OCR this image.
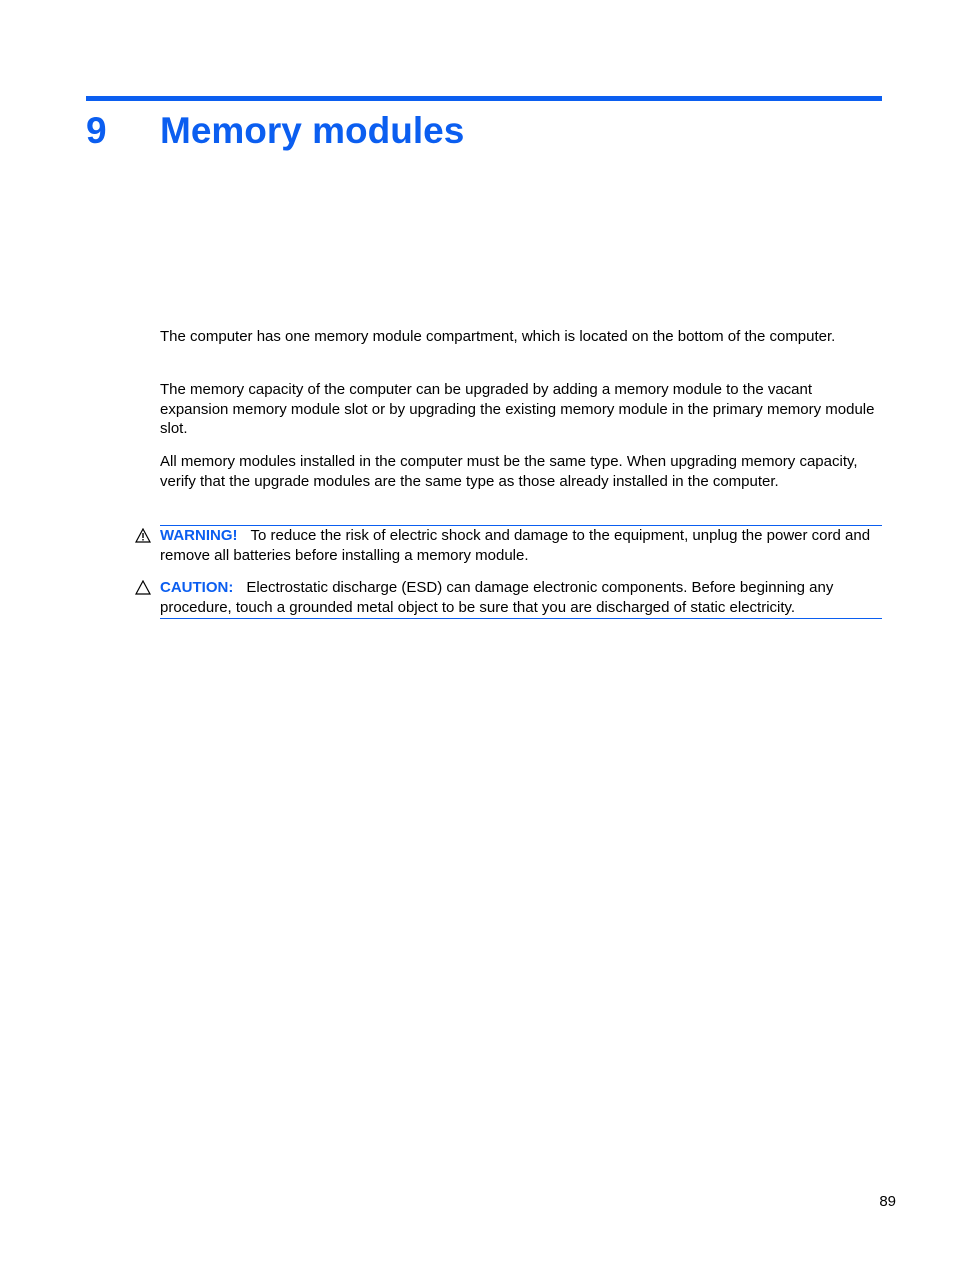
9 Memory modules

The computer has one memory module compartment, which is located on the bottom of the computer.

The memory capacity of the computer can be upgraded by adding a memory module to the vacant expansion memory module slot or by upgrading the existing memory module in the primary memory module slot.

All memory modules installed in the computer must be the same type. When upgrading memory capacity, verify that the upgrade modules are the same type as those already installed in the computer.

WARNING! To reduce the risk of electric shock and damage to the equipment, unplug the power cord and remove all batteries before installing a memory module.
CAUTION: Electrostatic discharge (ESD) can damage electronic components. Before beginning any procedure, touch a grounded metal object to be sure that you are discharged of static electricity.
89
